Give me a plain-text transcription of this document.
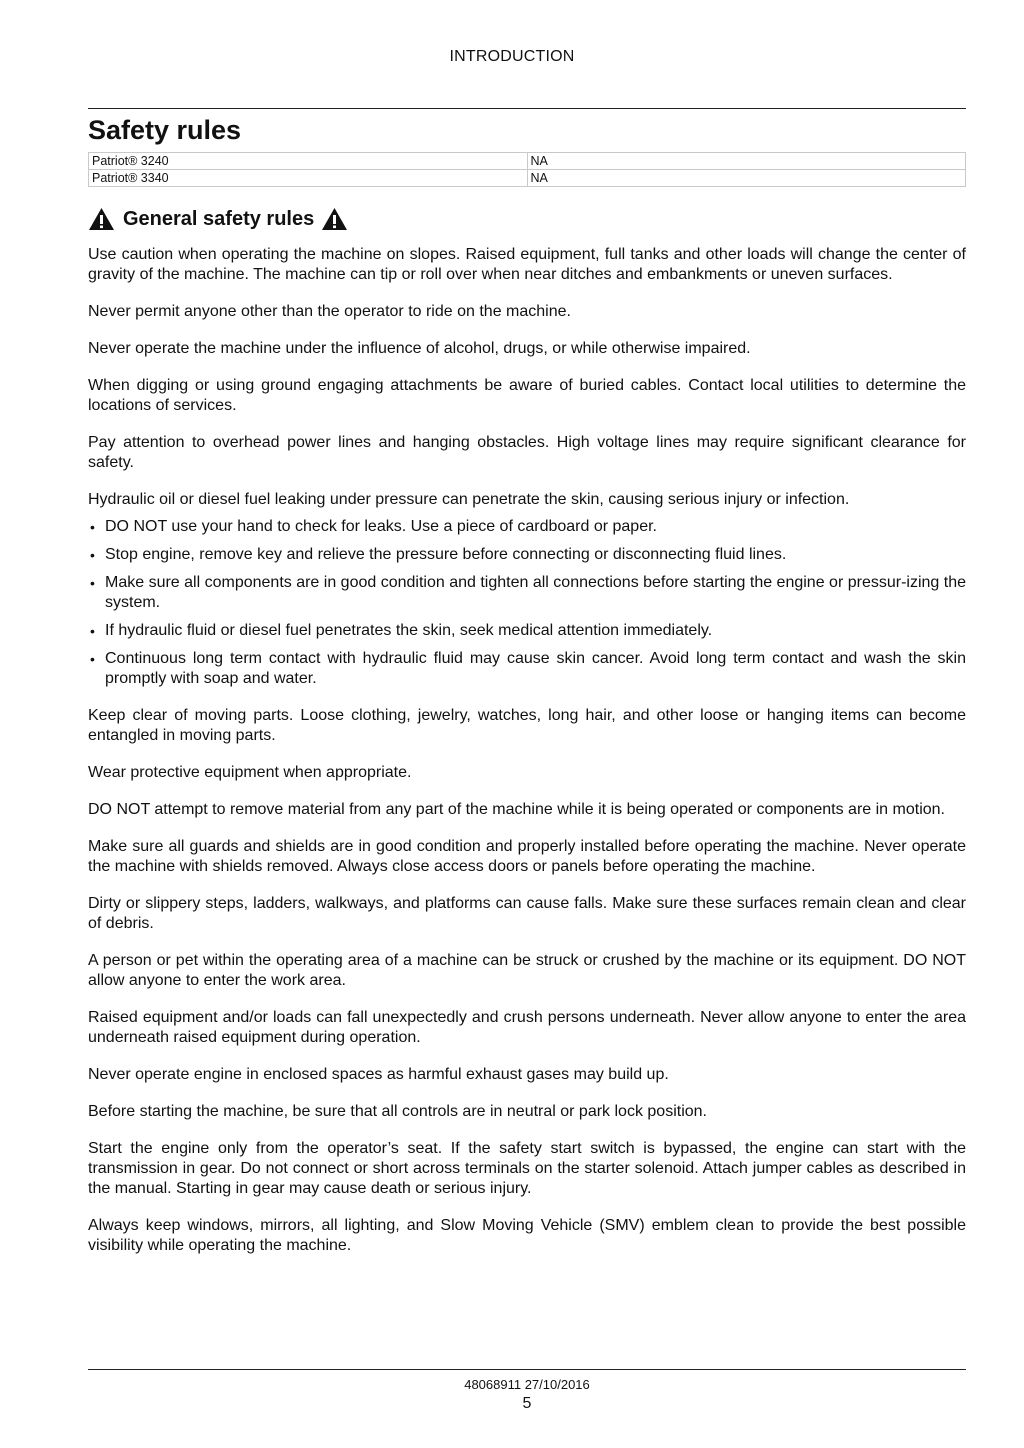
INTRODUCTION
Safety rules
Patriot® 3240	NA
Patriot® 3340	NA
General safety rules

Use caution when operating the machine on slopes. Raised equipment, full tanks and other loads will change the center of gravity of the machine. The machine can tip or roll over when near ditches and embankments or uneven surfaces.

Never permit anyone other than the operator to ride on the machine.

Never operate the machine under the influence of alcohol, drugs, or while otherwise impaired.

When digging or using ground engaging attachments be aware of buried cables. Contact local utilities to determine the locations of services.

Pay attention to overhead power lines and hanging obstacles. High voltage lines may require significant clearance for safety.

Hydraulic oil or diesel fuel leaking under pressure can penetrate the skin, causing serious injury or infection.

• DO NOT use your hand to check for leaks. Use a piece of cardboard or paper.
• Stop engine, remove key and relieve the pressure before connecting or disconnecting fluid lines.
• Make sure all components are in good condition and tighten all connections before starting the engine or pressur-izing the system.
• If hydraulic fluid or diesel fuel penetrates the skin, seek medical attention immediately.
• Continuous long term contact with hydraulic fluid may cause skin cancer. Avoid long term contact and wash the skin promptly with soap and water.

Keep clear of moving parts. Loose clothing, jewelry, watches, long hair, and other loose or hanging items can become entangled in moving parts.

Wear protective equipment when appropriate.

DO NOT attempt to remove material from any part of the machine while it is being operated or components are in motion.

Make sure all guards and shields are in good condition and properly installed before operating the machine. Never operate the machine with shields removed. Always close access doors or panels before operating the machine.

Dirty or slippery steps, ladders, walkways, and platforms can cause falls. Make sure these surfaces remain clean and clear of debris.

A person or pet within the operating area of a machine can be struck or crushed by the machine or its equipment. DO NOT allow anyone to enter the work area.

Raised equipment and/or loads can fall unexpectedly and crush persons underneath. Never allow anyone to enter the area underneath raised equipment during operation.

Never operate engine in enclosed spaces as harmful exhaust gases may build up.

Before starting the machine, be sure that all controls are in neutral or park lock position.

Start the engine only from the operator’s seat. If the safety start switch is bypassed, the engine can start with the transmission in gear. Do not connect or short across terminals on the starter solenoid. Attach jumper cables as described in the manual. Starting in gear may cause death or serious injury.

Always keep windows, mirrors, all lighting, and Slow Moving Vehicle (SMV) emblem clean to provide the best possible visibility while operating the machine.

48068911 27/10/2016
5
